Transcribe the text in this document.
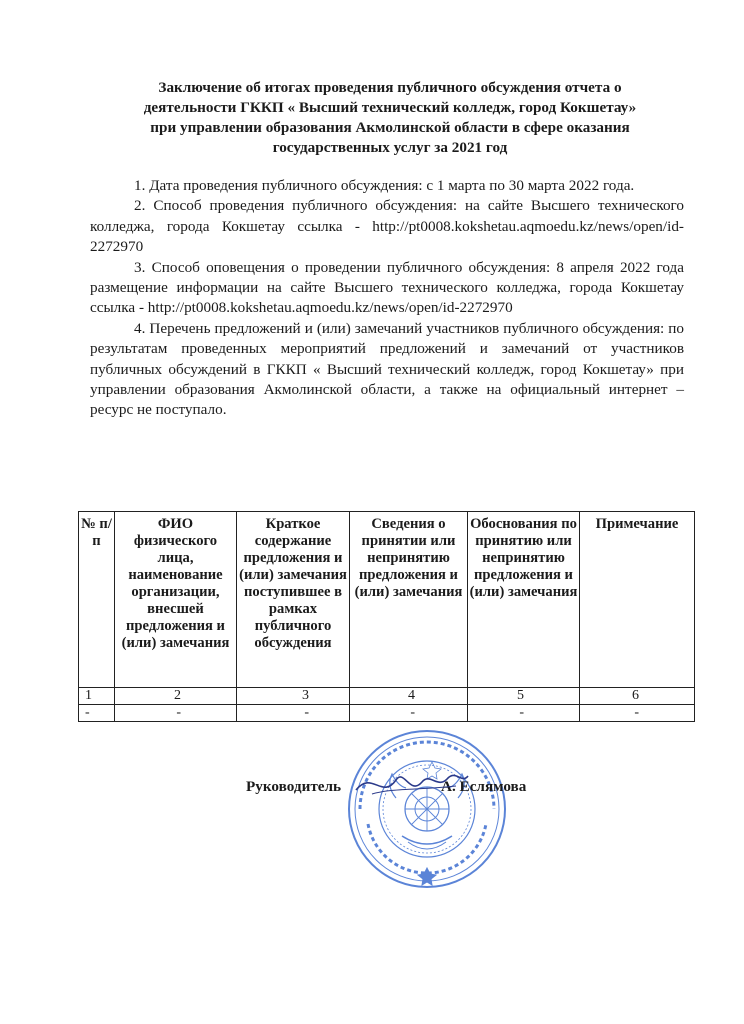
Заключение об итогах проведения публичного обсуждения отчета о
деятельности ГККП « Высший технический колледж, город Кокшетау»
при управлении образования Акмолинской области в сфере оказания
государственных услуг за 2021 год

1. Дата проведения публичного обсуждения: с 1 марта по 30 марта 2022 года.

2. Способ проведения публичного обсуждения: на сайте Высшего технического колледжа, города Кокшетау ссылка - http://pt0008.kokshetau.aqmoedu.kz/news/open/id-2272970

3. Способ оповещения о проведении публичного обсуждения: 8 апреля 2022 года размещение информации на сайте Высшего технического колледжа, города Кокшетау ссылка - http://pt0008.kokshetau.aqmoedu.kz/news/open/id-2272970

4. Перечень предложений и (или) замечаний участников публичного обсуждения: по результатам проведенных мероприятий предложений и замечаний от участников публичных обсуждений в ГККП « Высший технический колледж, город Кокшетау» при управлении образования Акмолинской области, а также на официальный интернет – ресурс не поступало.

№ п/п	ФИО физического лица, наименование организации, внесшей предложения и (или) замечания	Краткое содержание предложения и (или) замечания поступившее в рамках публичного обсуждения	Сведения о принятии или непринятию предложения и (или) замечания	Обоснования по принятию или непринятию предложения и (или) замечания	Примечание
1	2	3	4	5	6
-	-	-	-	-	-
Руководитель	А. Еслямова
